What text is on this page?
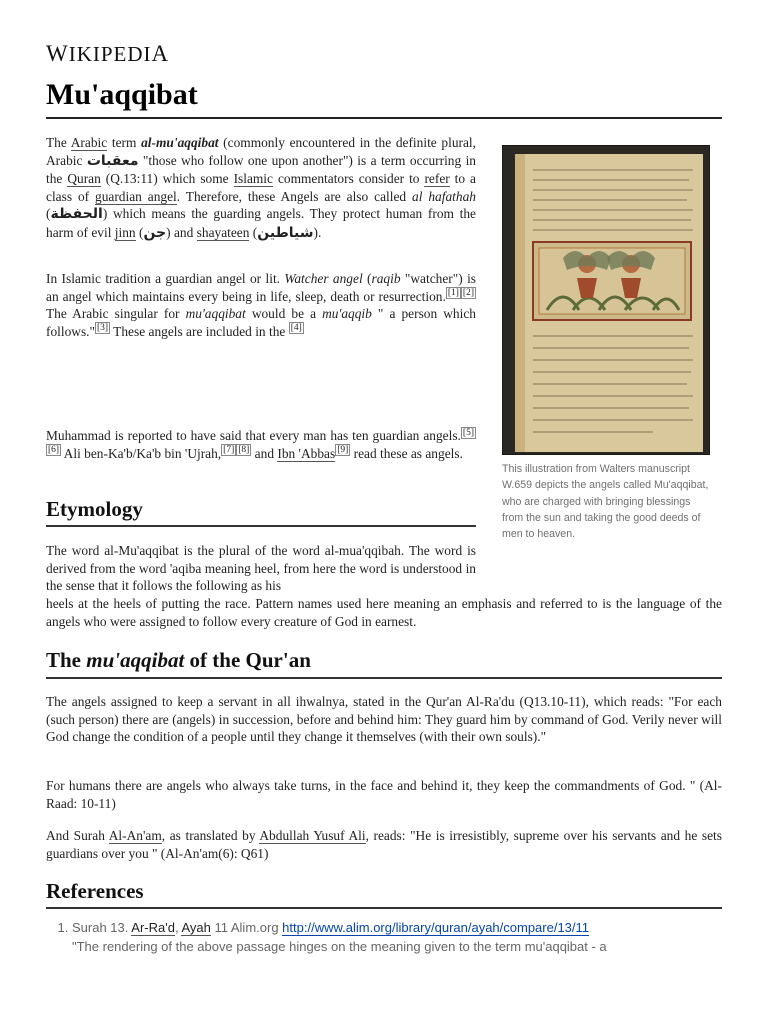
WIKIPEDIA
Mu'aqqibat

The Arabic term al-mu'aqqibat (commonly encountered in the definite plural, Arabic معقبات "those who follow one upon another") is a term occurring in the Quran (Q.13:11) which some Islamic commentators consider to refer to a class of guardian angel. Therefore, these Angels are also called al hafathah (الحفظة) which means the guarding angels. They protect human from the harm of evil jinn (جن) and shayateen (شياطين).

In Islamic tradition a guardian angel or lit. Watcher angel (raqib "watcher") is an angel which maintains every being in life, sleep, death or resurrection. [1] [2] The Arabic singular for mu'aqqibat would be a mu'aqqib " a person which follows." [3] These angels are included in the [4]

Muhammad is reported to have said that every man has ten guardian angels. [5][6] Ali ben-Ka'b/Ka'b bin 'Ujrah, [7] [8] and Ibn 'Abbas [9] read these as angels.

This illustration from Walters manuscript W.659 depicts the angels called Mu'aqqibat, who are charged with bringing blessings from the sun and taking the good deeds of men to heaven.
Etymology

The word al-Mu'aqqibat is the plural of the word al-mua'qqibah. The word is derived from the word 'aqiba meaning heel, from here the word is understood in the sense that it follows the following as his

heels at the heels of putting the race. Pattern names used here meaning an emphasis and referred to is the language of the angels who were assigned to follow every creature of God in earnest.

The mu'aqqibat of the Qur'an

The angels assigned to keep a servant in all ihwalnya, stated in the Qur'an Al-Ra'du (Q13.10-11), which reads: "For each (such person) there are (angels) in succession, before and behind him: They guard him by command of God. Verily never will God change the condition of a people until they change it themselves (with their own souls)."

For humans there are angels who always take turns, in the face and behind it, they keep the commandments of God. " (Al-Raad: 10-11)

And Surah Al-An'am, as translated by Abdullah Yusuf Ali, reads: "He is irresistibly, supreme over his servants and he sets guardians over you " (Al-An'am(6): Q61)

References
1. Surah 13. Ar-Ra'd, Ayah 11 Alim.org http://www.alim.org/library/quran/ayah/compare/13/11
"The rendering of the above passage hinges on the meaning given to the term mu'aqqibat - a
